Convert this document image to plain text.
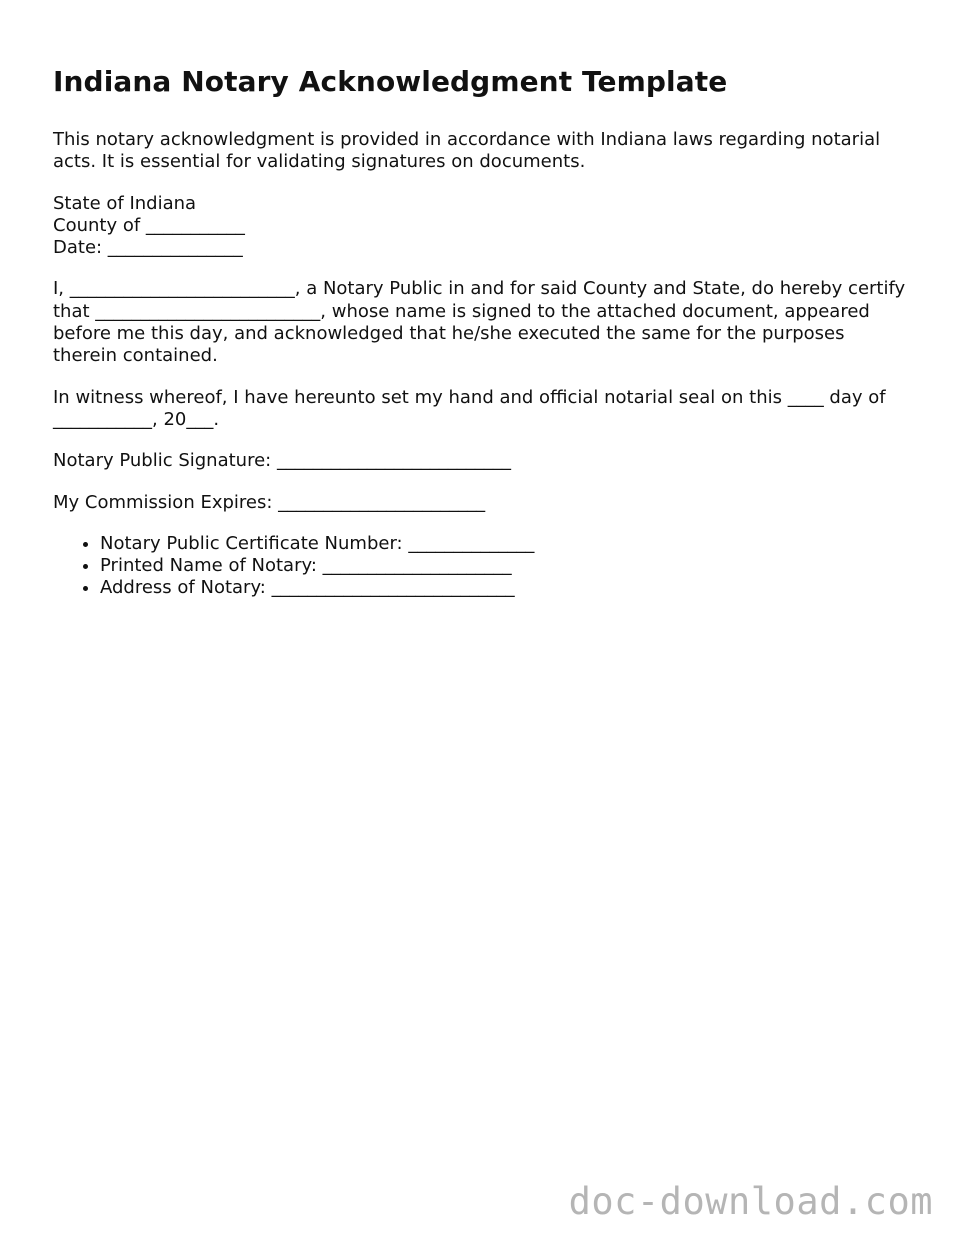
Indiana Notary Acknowledgment Template

This notary acknowledgment is provided in accordance with Indiana laws regarding notarial acts. It is essential for validating signatures on documents.

State of Indiana
County of ___________
Date: _______________

I, _________________________, a Notary Public in and for said County and State, do hereby certify that _________________________, whose name is signed to the attached document, appeared before me this day, and acknowledged that he/she executed the same for the purposes therein contained.

In witness whereof, I have hereunto set my hand and official notarial seal on this ____ day of ___________, 20___.

Notary Public Signature: __________________________

My Commission Expires: _______________________

• Notary Public Certificate Number: ______________
• Printed Name of Notary: _____________________
• Address of Notary: ___________________________
doc-download.com
